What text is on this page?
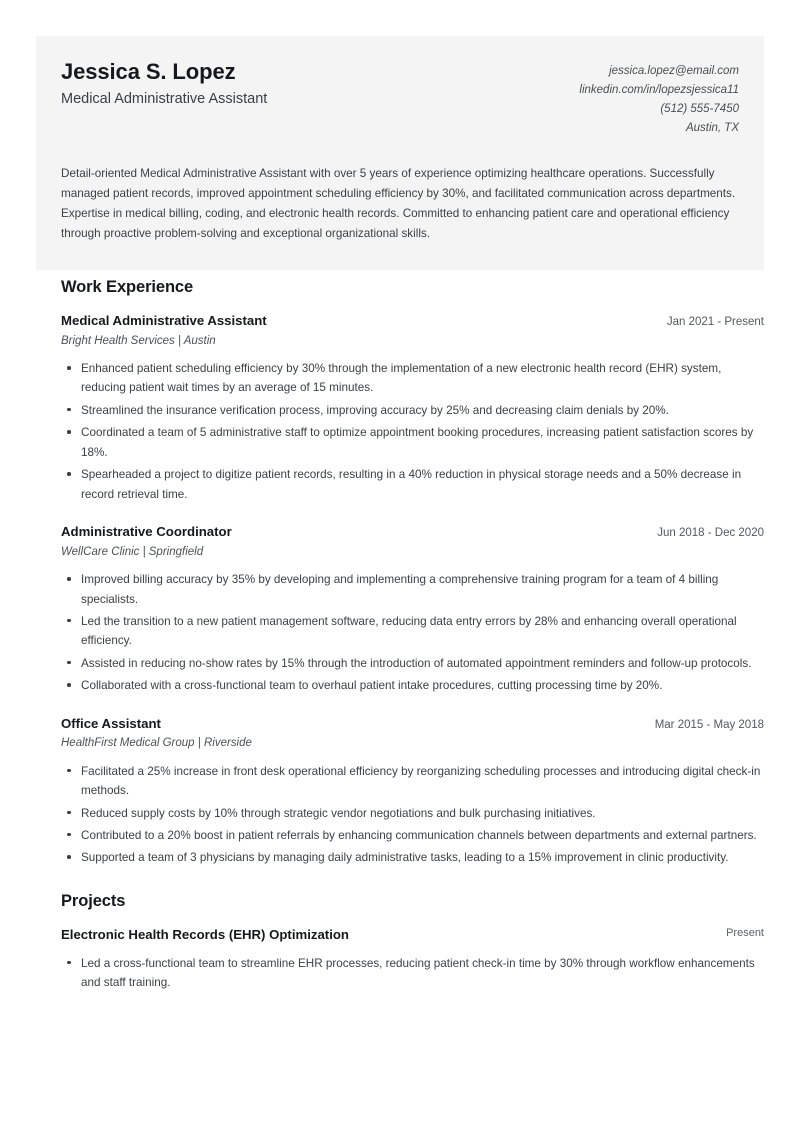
Jessica S. Lopez
Medical Administrative Assistant
jessica.lopez@email.com
linkedin.com/in/lopezsjessica11
(512) 555-7450
Austin, TX
Detail-oriented Medical Administrative Assistant with over 5 years of experience optimizing healthcare operations. Successfully managed patient records, improved appointment scheduling efficiency by 30%, and facilitated communication across departments. Expertise in medical billing, coding, and electronic health records. Committed to enhancing patient care and operational efficiency through proactive problem-solving and exceptional organizational skills.
Work Experience
Medical Administrative Assistant	Jan 2021 - Present
Bright Health Services | Austin
Enhanced patient scheduling efficiency by 30% through the implementation of a new electronic health record (EHR) system, reducing patient wait times by an average of 15 minutes.
Streamlined the insurance verification process, improving accuracy by 25% and decreasing claim denials by 20%.
Coordinated a team of 5 administrative staff to optimize appointment booking procedures, increasing patient satisfaction scores by 18%.
Spearheaded a project to digitize patient records, resulting in a 40% reduction in physical storage needs and a 50% decrease in record retrieval time.
Administrative Coordinator	Jun 2018 - Dec 2020
WellCare Clinic | Springfield
Improved billing accuracy by 35% by developing and implementing a comprehensive training program for a team of 4 billing specialists.
Led the transition to a new patient management software, reducing data entry errors by 28% and enhancing overall operational efficiency.
Assisted in reducing no-show rates by 15% through the introduction of automated appointment reminders and follow-up protocols.
Collaborated with a cross-functional team to overhaul patient intake procedures, cutting processing time by 20%.
Office Assistant	Mar 2015 - May 2018
HealthFirst Medical Group | Riverside
Facilitated a 25% increase in front desk operational efficiency by reorganizing scheduling processes and introducing digital check-in methods.
Reduced supply costs by 10% through strategic vendor negotiations and bulk purchasing initiatives.
Contributed to a 20% boost in patient referrals by enhancing communication channels between departments and external partners.
Supported a team of 3 physicians by managing daily administrative tasks, leading to a 15% improvement in clinic productivity.
Projects
Electronic Health Records (EHR) Optimization	Present
Led a cross-functional team to streamline EHR processes, reducing patient check-in time by 30% through workflow enhancements and staff training.
